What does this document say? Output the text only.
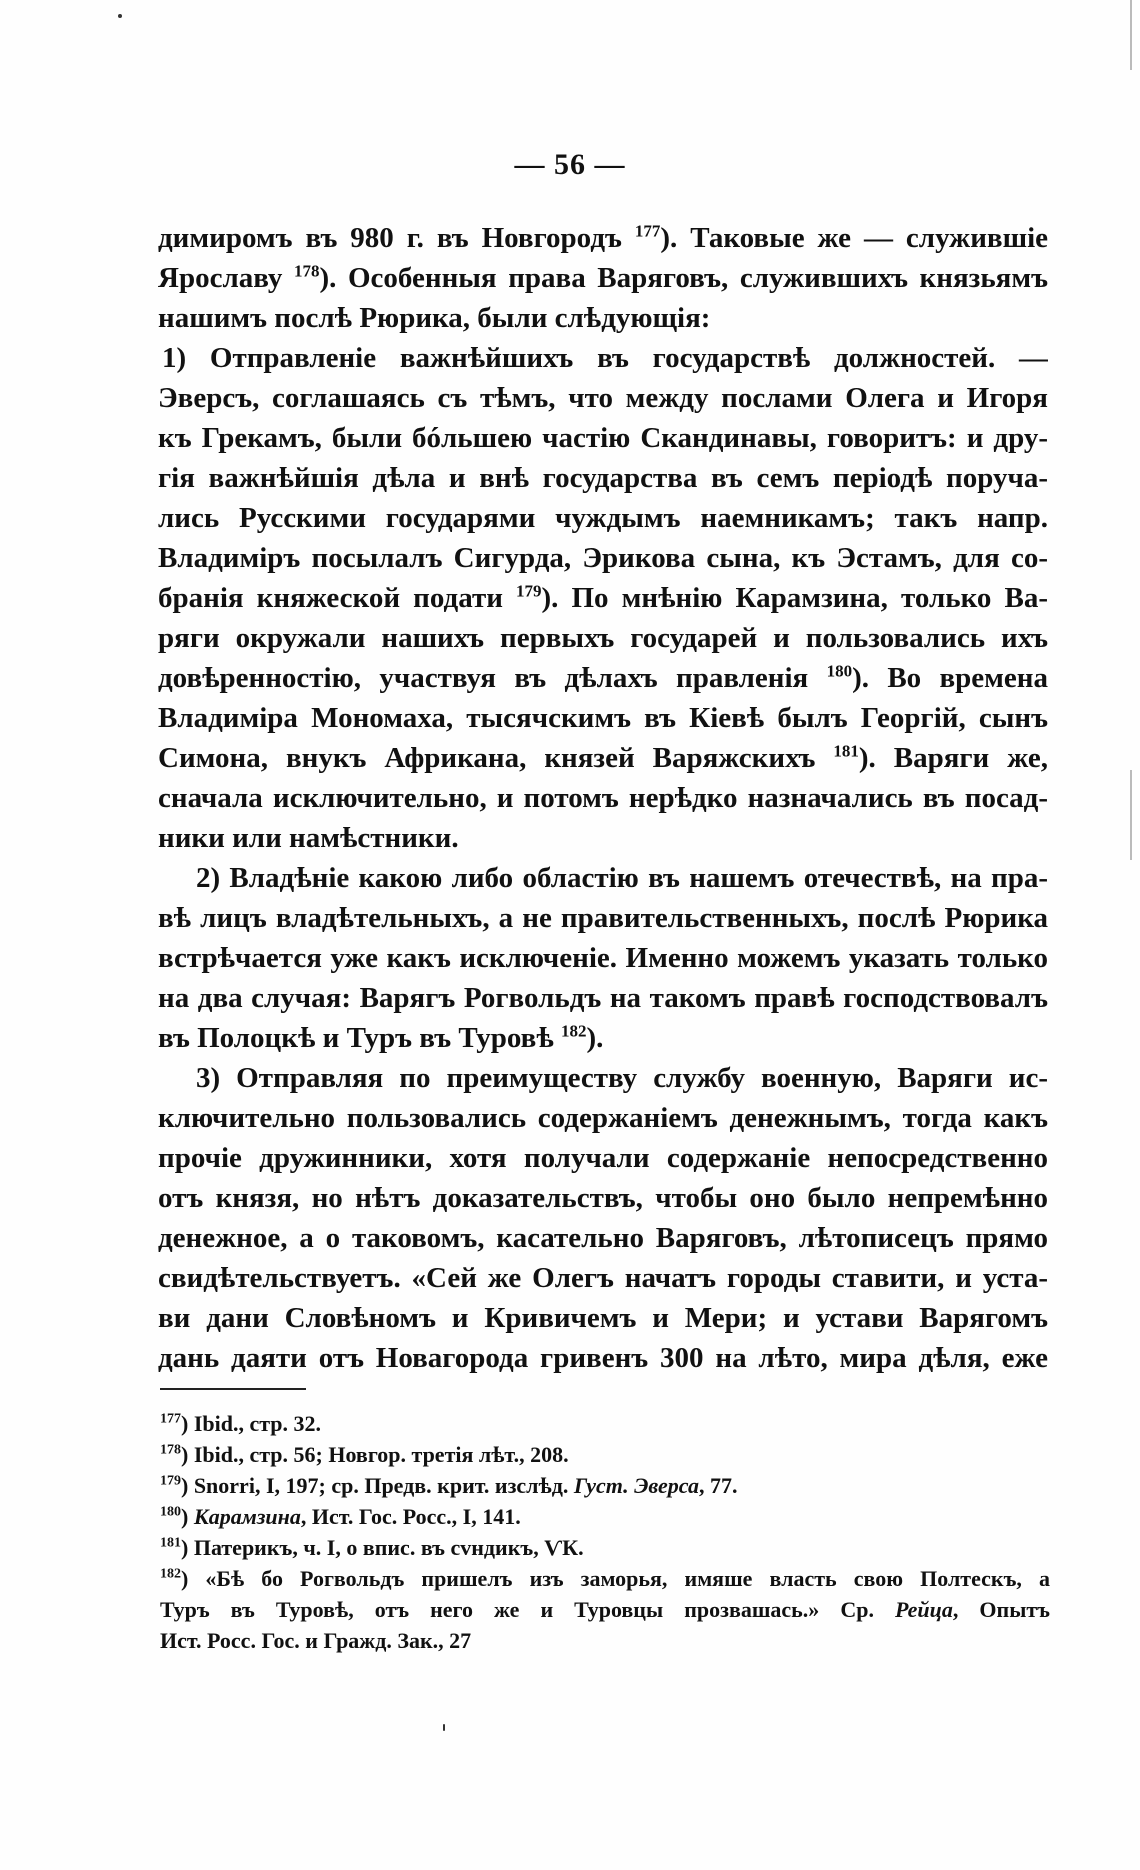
— 56 —
димиромъ въ 980 г. въ Новгородъ $^{177}$). Таковые же — служившіе
Ярославу $^{178}$). Особенныя права Варяговъ, служившихъ князьямъ
нашимъ послѣ Рюрика, были слѣдующія:
1) Отправленіе важнѣйшихъ въ государствѣ должностей. —
Эверсъ, соглашаясь съ тѣмъ, что между послами Олега и Игоря
къ Грекамъ, были бóльшею частію Скандинавы, говоритъ: и дру-
гія важнѣйшія дѣла и внѣ государства въ семъ періодѣ поруча-
лись Русскими государями чуждымъ наемникамъ; такъ напр.
Владиміръ посылалъ Сигурда, Эрикова сына, къ Эстамъ, для со-
бранія княжеской подати $^{179}$). По мнѣнію Карамзина, только Ва-
ряги окружали нашихъ первыхъ государей и пользовались ихъ
довѣренностію, участвуя въ дѣлахъ правленія $^{180}$). Во времена
Владиміра Мономаха, тысячскимъ въ Кіевѣ былъ Георгій, сынъ
Симона, внукъ Африкана, князей Варяжскихъ $^{181}$). Варяги же,
сначала исключительно, и потомъ нерѣдко назначались въ посад-
ники или намѣстники.
2) Владѣніе какою либо областію въ нашемъ отечествѣ, на пра-
вѣ лицъ владѣтельныхъ, а не правительственныхъ, послѣ Рюрика
встрѣчается уже какъ исключеніе. Именно можемъ указать только
на два случая: Варягъ Рогвольдъ на такомъ правѣ господствовалъ
въ Полоцкѣ и Туръ въ Туровѣ $^{182}$).
3) Отправляя по преимуществу службу военную, Варяги ис-
ключительно пользовались содержаніемъ денежнымъ, тогда какъ
прочіе дружинники, хотя получали содержаніе непосредственно
отъ князя, но нѣтъ доказательствъ, чтобы оно было непремѣнно
денежное, а о таковомъ, касательно Варяговъ, лѣтописецъ прямо
свидѣтельствуетъ. «Сей же Олегъ начатъ городы ставити, и уста-
ви дани Словѣномъ и Кривичемъ и Мери; и устави Варягомъ
дань даяти отъ Новагорода гривенъ 300 на лѣто, мира дѣля, еже
$^{177}$) Ibid., стр. 32.
$^{178}$) Ibid., стр. 56; Новгор. третія лѣт., 208.
$^{179}$) Snorri, I, 197; ср. Предв. крит. изслѣд. Густ. Эверса, 77.
$^{180}$) Карамзина, Ист. Гос. Росс., I, 141.
$^{181}$) Патерикъ, ч. I, о впис. въ сvндикъ, ѴК.
$^{182}$) «Бѣ бо Рогвольдъ пришелъ изъ заморья, имяше власть свою Полтескъ, а
Туръ въ Туровѣ, отъ него же и Туровцы прозвашась.» Ср. Рейца, Опытъ
Ист. Росс. Гос. и Гражд. Зак., 27
